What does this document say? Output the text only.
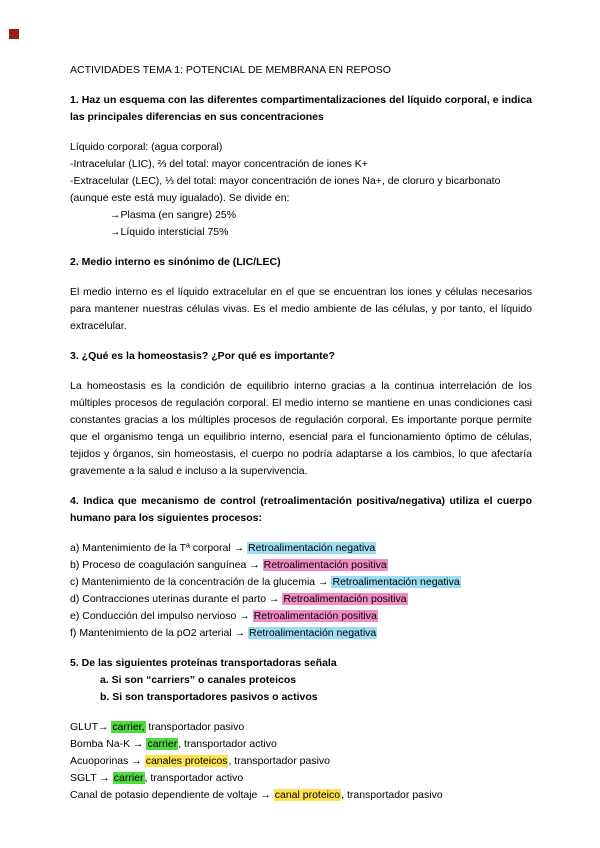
ACTIVIDADES TEMA 1: POTENCIAL DE MEMBRANA EN REPOSO
1. Haz un esquema con las diferentes compartimentalizaciones del líquido corporal, e indica las principales diferencias en sus concentraciones
Líquido corporal: (agua corporal)
-Intracelular (LIC), ⅔ del total: mayor concentración de iones K+
-Extracelular (LEC), ⅓ del total: mayor concentración de iones Na+, de cloruro y bicarbonato
(aunque este está muy igualado). Se divide en:
→Plasma (en sangre) 25%
→Líquido intersticial 75%
2. Medio interno es sinónimo de (LIC/LEC)
El medio interno es el líquido extracelular en el que se encuentran los iones y células necesarios para mantener nuestras células vivas. Es el medio ambiente de las células, y por tanto, el líquido extracelular.
3. ¿Qué es la homeostasis? ¿Por qué es importante?
La homeostasis es la condición de equilibrio interno gracias a la continua interrelación de los múltiples procesos de regulación corporal. El medio interno se mantiene en unas condiciones casi constantes gracias a los múltiples procesos de regulación corporal. Es importante porque permite que el organismo tenga un equilibrio interno, esencial para el funcionamiento óptimo de células, tejidos y órganos, sin homeostasis, el cuerpo no podría adaptarse a los cambios, lo que afectaría gravemente a la salud e incluso a la supervivencia.
4. Indica que mecanismo de control (retroalimentación positiva/negativa) utiliza el cuerpo humano para los siguientes procesos:
a) Mantenimiento de la Tª corporal → Retroalimentación negativa
b) Proceso de coagulación sanguínea → Retroalimentación positiva
c) Mantenimiento de la concentración de la glucemia → Retroalimentación negativa
d) Contracciones uterinas durante el parto → Retroalimentación positiva
e) Conducción del impulso nervioso → Retroalimentación positiva
f) Mantenimiento de la pO2 arterial → Retroalimentación negativa
5. De las siguientes proteínas transportadoras señala
a. Si son “carriers” o canales proteicos
b. Si son transportadores pasivos o activos
GLUT→ carrier, transportador pasivo
Bomba Na-K → carrier, transportador activo
Acuoporinas → canales proteicos, transportador pasivo
SGLT → carrier, transportador activo
Canal de potasio dependiente de voltaje → canal proteico, transportador pasivo
